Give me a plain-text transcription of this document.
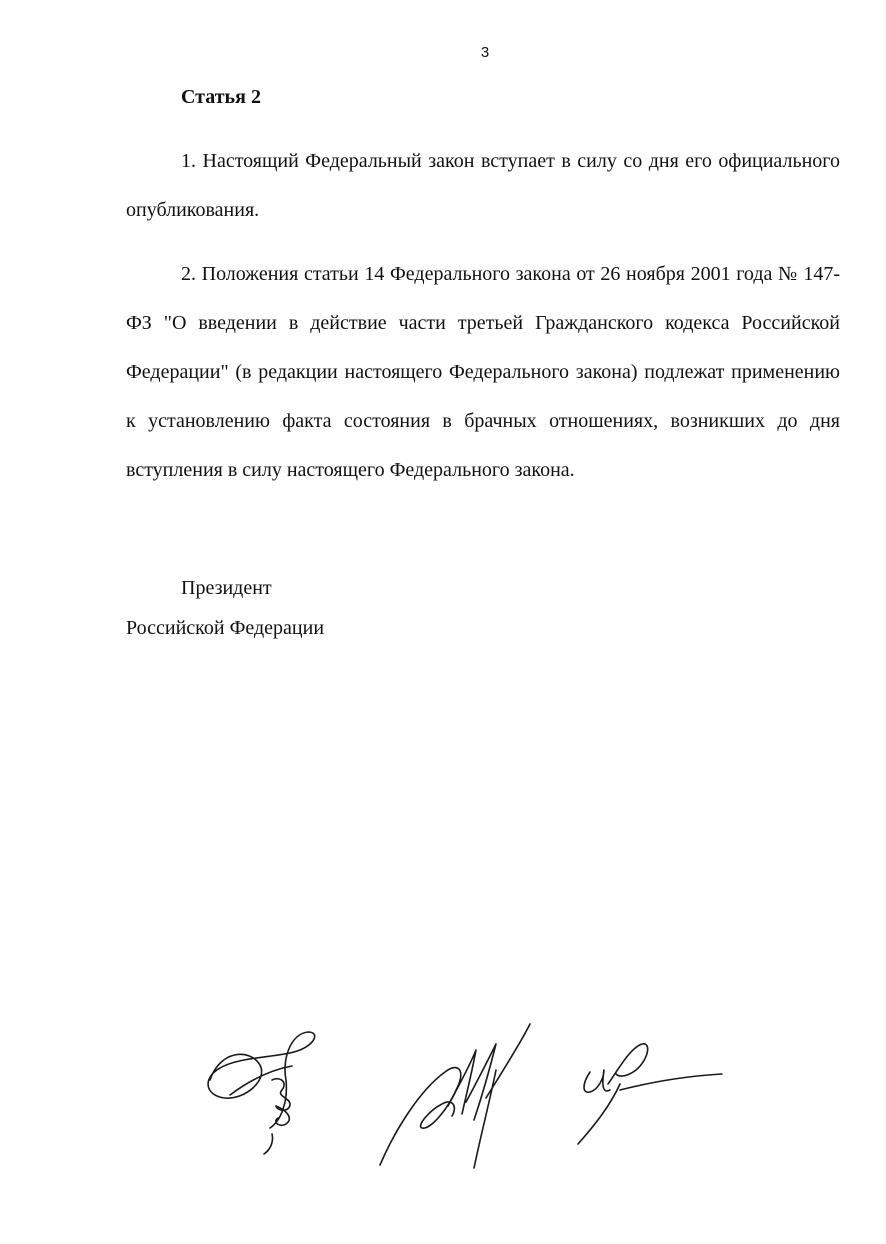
3
Статья 2

1. Настоящий Федеральный закон вступает в силу со дня его официального опубликования.

2. Положения статьи 14 Федерального закона от 26 ноября 2001 года № 147-ФЗ "О введении в действие части третьей Гражданского кодекса Российской Федерации" (в редакции настоящего Федерального закона) подлежат применению к установлению факта состояния в брачных отношениях, возникших до дня вступления в силу настоящего Федерального закона.

Президент
Российской Федерации
